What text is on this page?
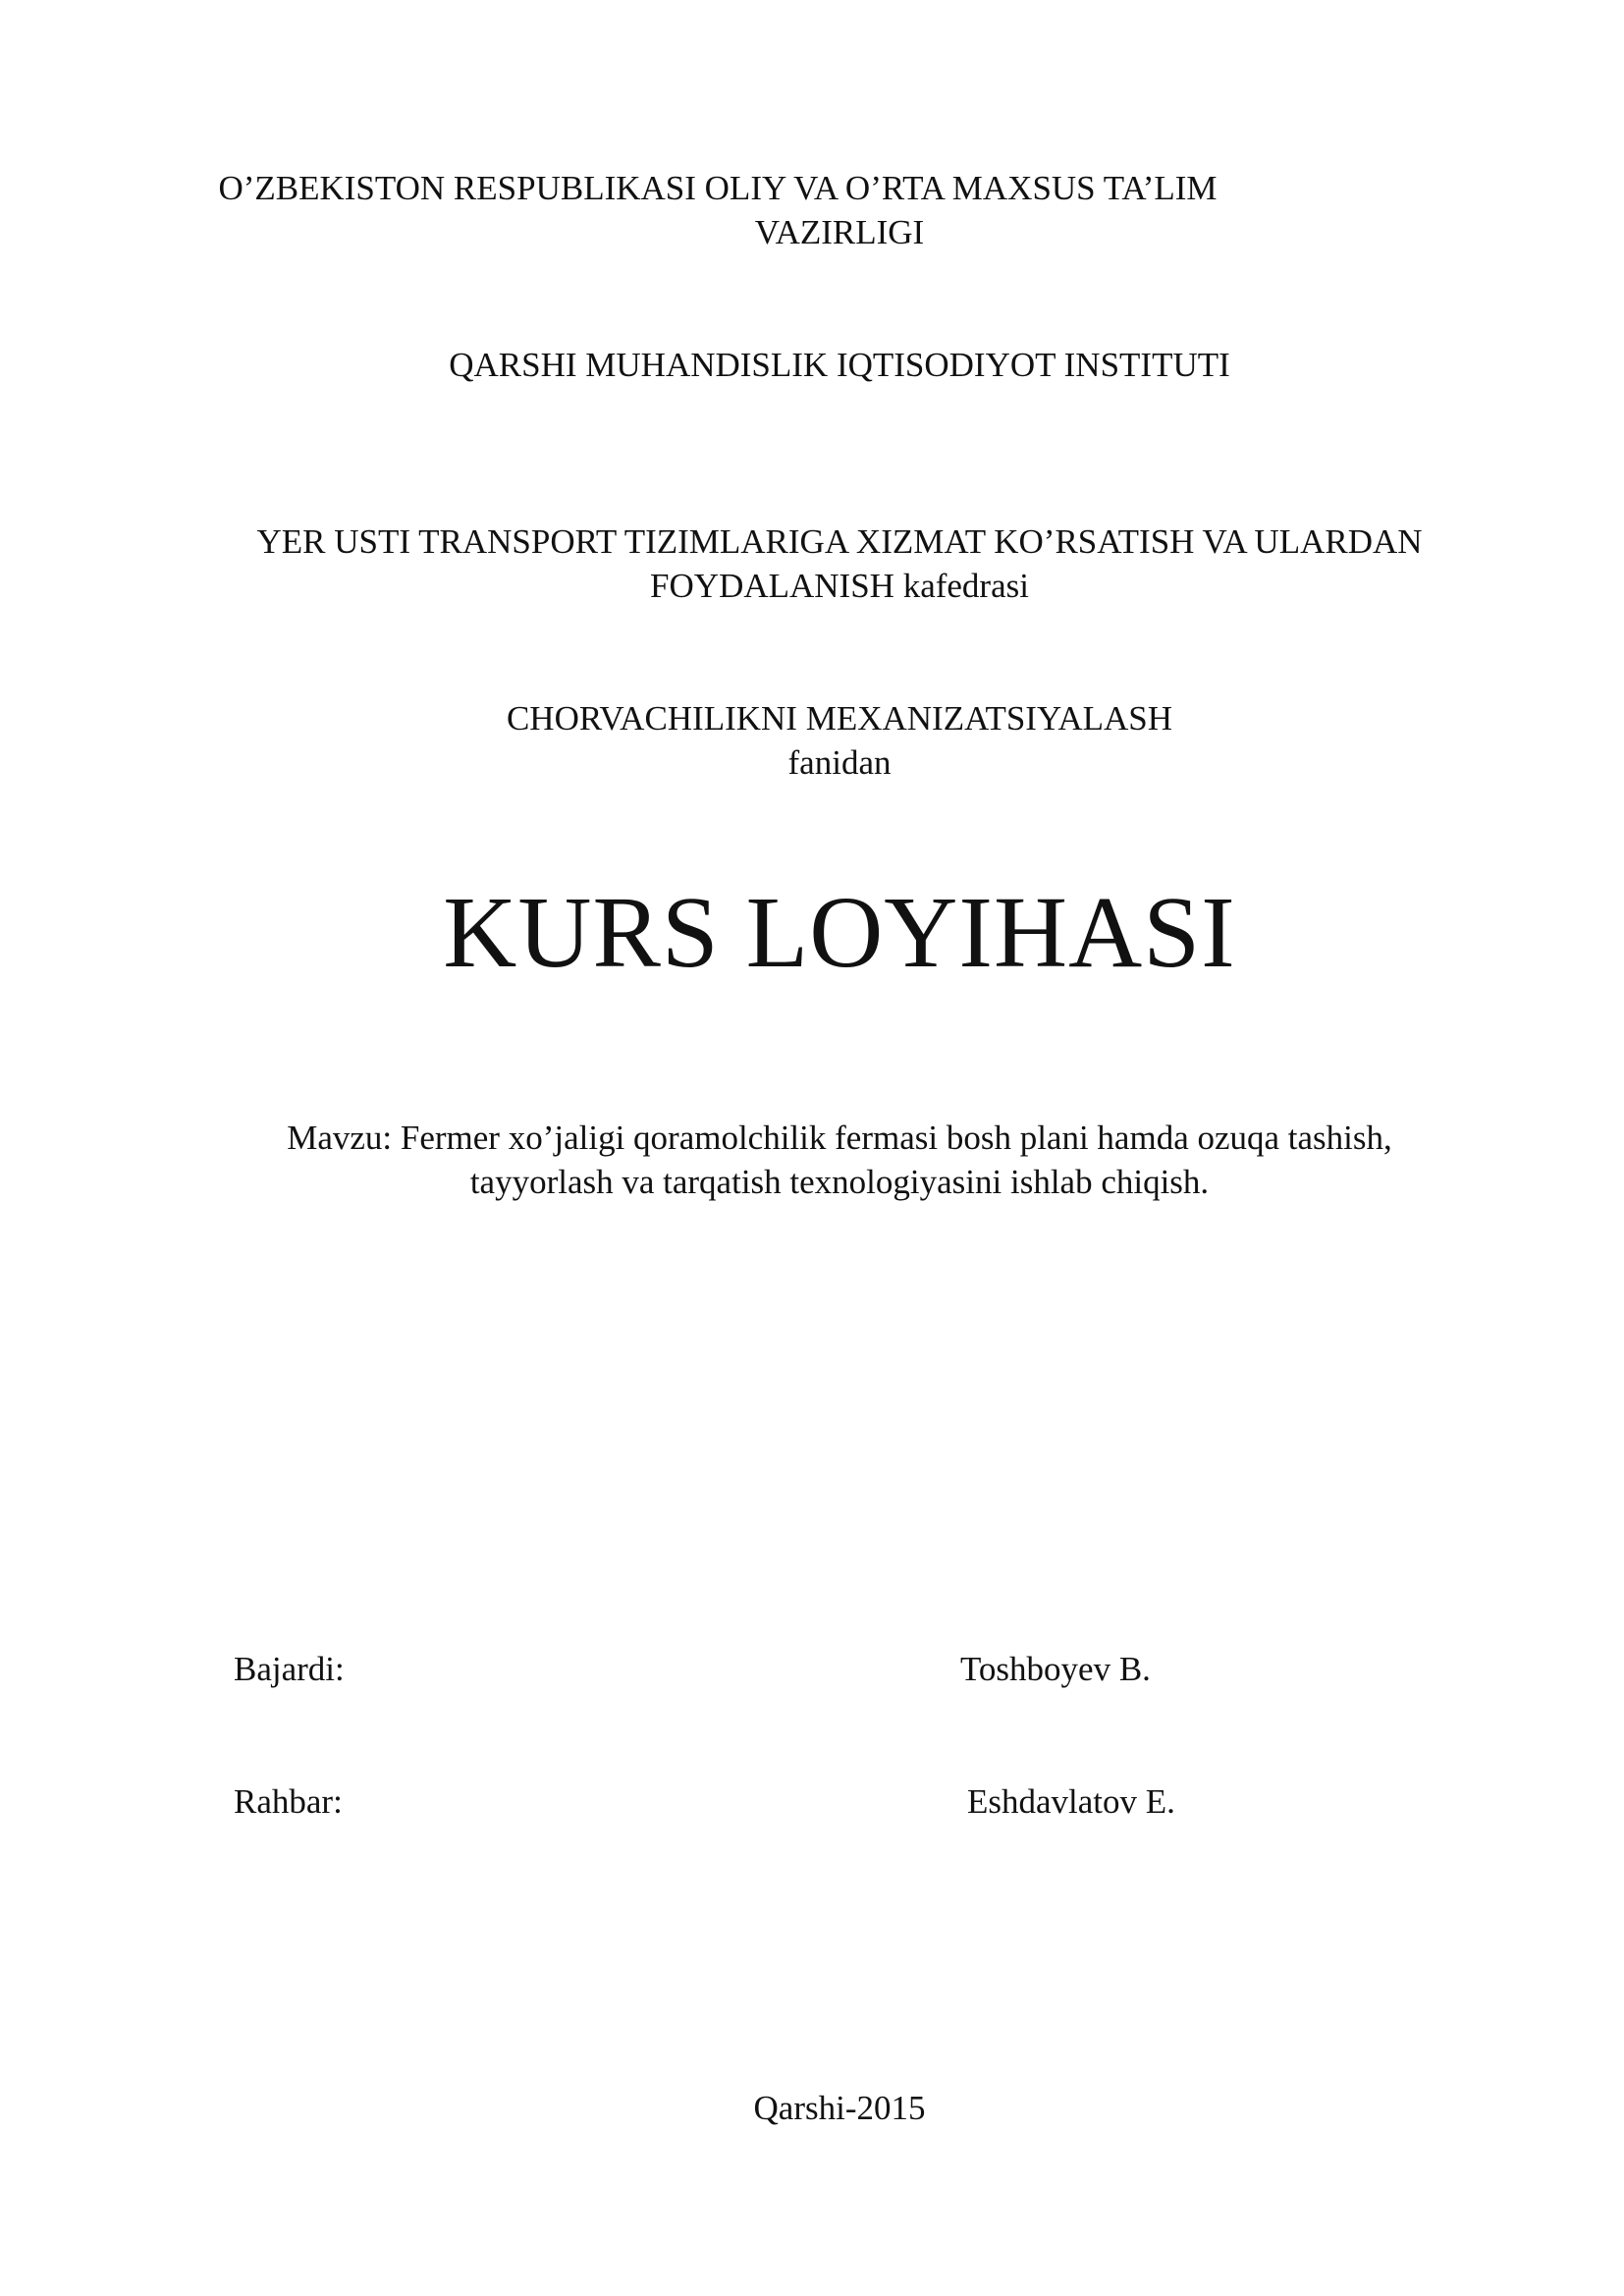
O’ZBEKISTON RESPUBLIKASI OLIY VA O’RTA MAXSUS TA’LIM
VAZIRLIGI
QARSHI MUHANDISLIK IQTISODIYOT INSTITUTI
YER USTI TRANSPORT TIZIMLARIGA XIZMAT KO’RSATISH VA ULARDAN
FOYDALANISH kafedrasi
CHORVACHILIKNI MEXANIZATSIYALASH
fanidan
KURS LOYIHASI
Mavzu: Fermer xo’jaligi qoramolchilik fermasi bosh plani hamda ozuqa tashish,
tayyorlash va tarqatish texnologiyasini ishlab chiqish.
Bajardi:	Toshboyev B.
Rahbar:	Eshdavlatov E.
Qarshi-2015
